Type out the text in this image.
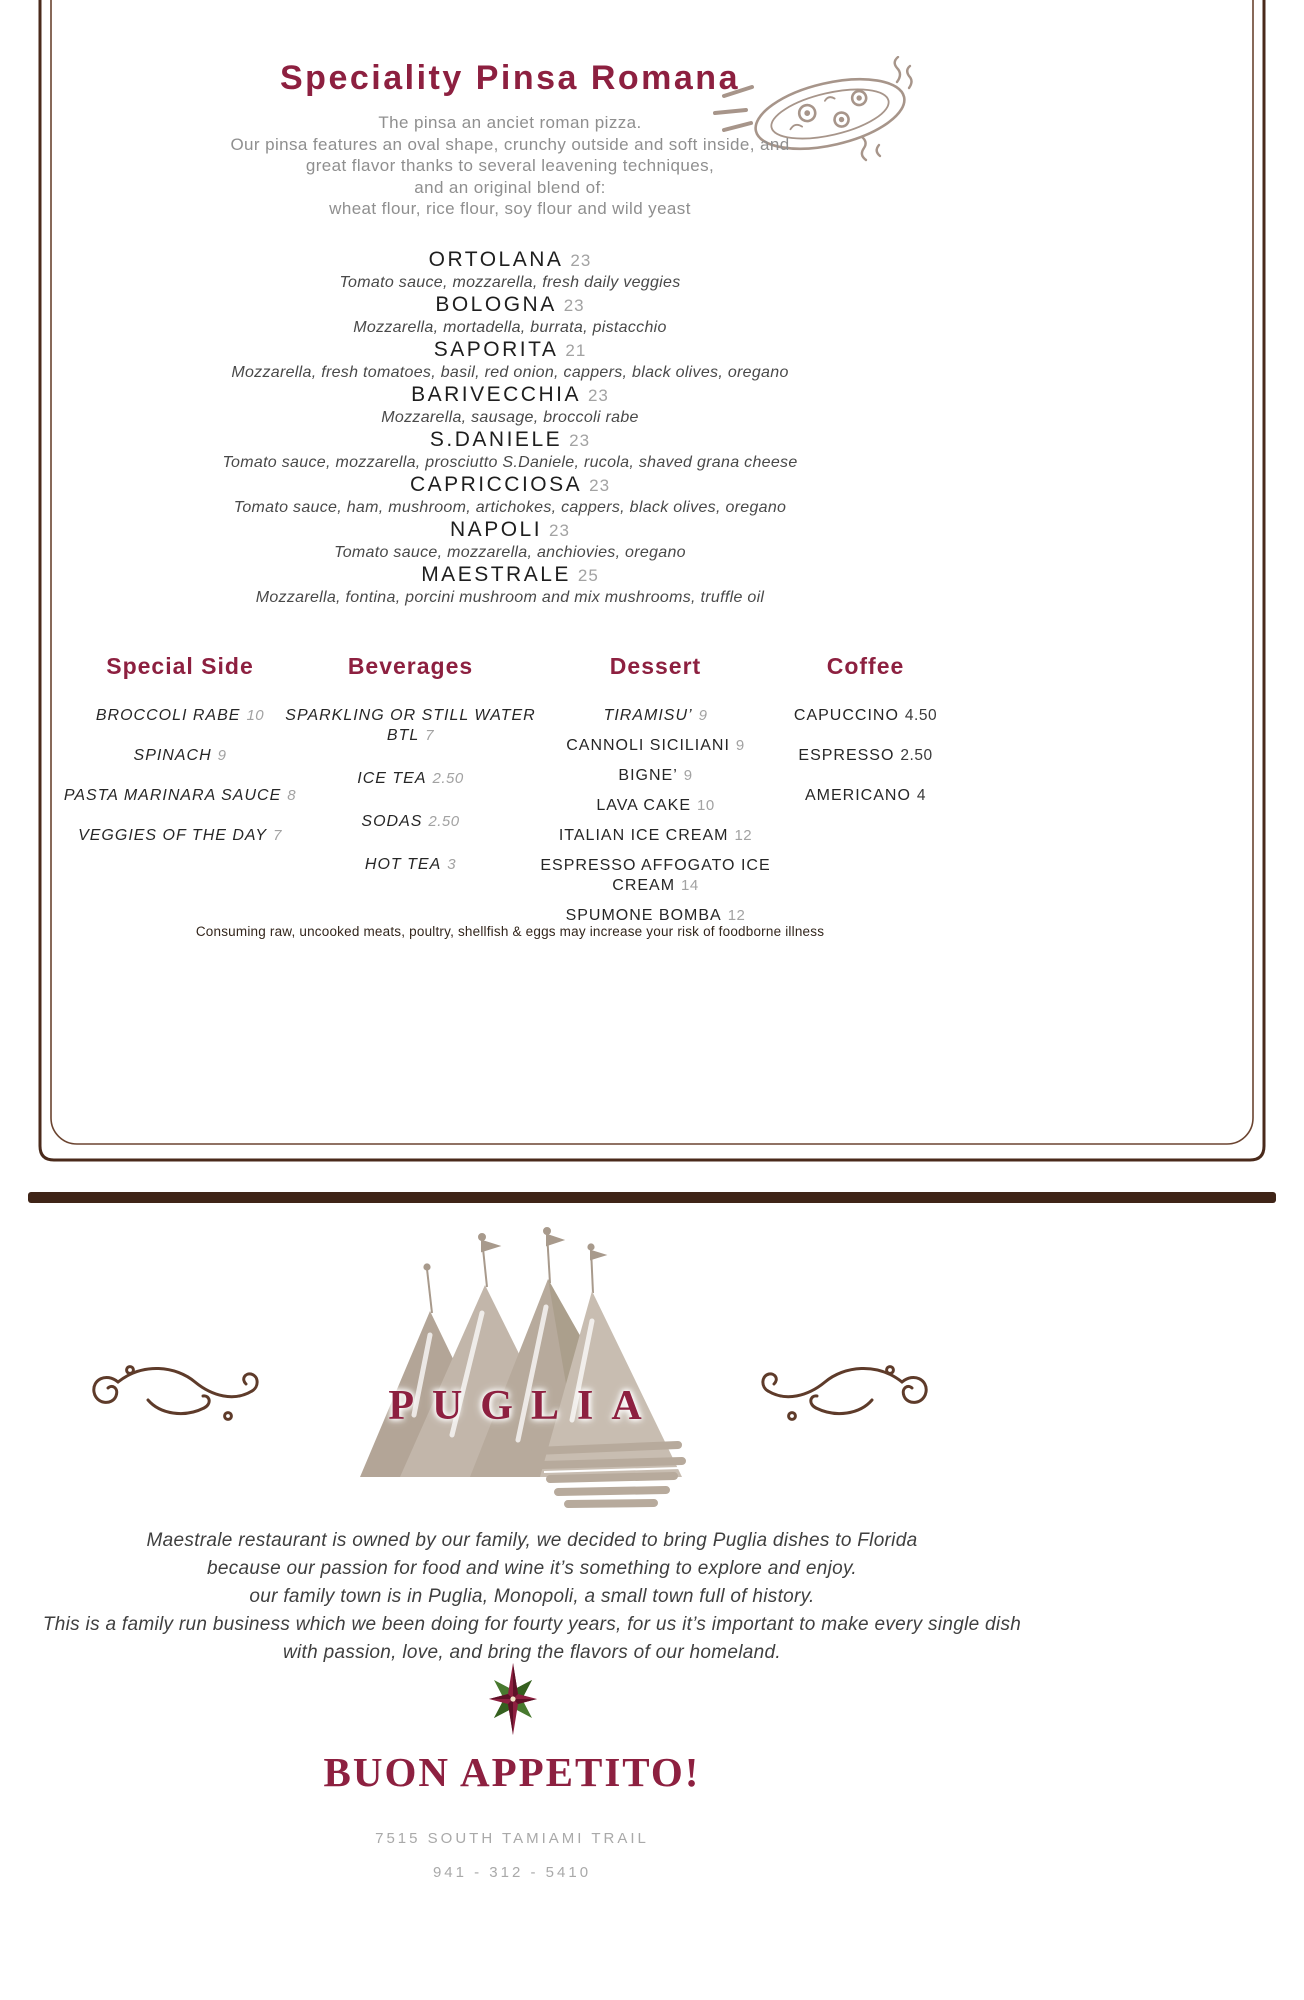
Speciality Pinsa Romana
The pinsa an anciet roman pizza.
Our pinsa features an oval shape, crunchy outside and soft inside, and
great flavor thanks to several leavening techniques,
and an original blend of:
wheat flour, rice flour, soy flour and wild yeast
ORTOLANA 23
Tomato sauce, mozzarella, fresh daily veggies
BOLOGNA 23
Mozzarella, mortadella, burrata, pistacchio
SAPORITA 21
Mozzarella, fresh tomatoes, basil, red onion, cappers, black olives, oregano
BARIVECCHIA 23
Mozzarella, sausage, broccoli rabe
S.DANIELE 23
Tomato sauce, mozzarella, prosciutto S.Daniele, rucola, shaved grana cheese
CAPRICCIOSA 23
Tomato sauce, ham, mushroom, artichokes, cappers, black olives, oregano
NAPOLI 23
Tomato sauce, mozzarella, anchiovies, oregano
MAESTRALE 25
Mozzarella, fontina, porcini mushroom and mix mushrooms, truffle oil
Special Side
BROCCOLI RABE 10
SPINACH 9
PASTA MARINARA SAUCE 8
VEGGIES OF THE DAY 7
Beverages
SPARKLING OR STILL WATER BTL 7
ICE TEA 2.50
SODAS 2.50
HOT TEA 3
Dessert
TIRAMISU’ 9
CANNOLI SICILIANI 9
BIGNE’ 9
LAVA CAKE 10
ITALIAN ICE CREAM 12
ESPRESSO AFFOGATO ICE CREAM 14
SPUMONE BOMBA 12
Coffee
CAPUCCINO 4.50
ESPRESSO 2.50
AMERICANO 4
Consuming raw, uncooked meats, poultry, shellfish & eggs may increase your risk of foodborne illness
PUGLIA
Maestrale restaurant is owned by our family, we decided to bring Puglia dishes to Florida
because our passion for food and wine it’s something to explore and enjoy.
our family town is in Puglia, Monopoli, a small town full of history.
This is a family run business which we been doing for fourty years, for us it’s important to make every single dish
with passion, love, and bring the flavors of our homeland.
BUON APPETITO!
7515 SOUTH TAMIAMI TRAIL
941 - 312 - 5410
